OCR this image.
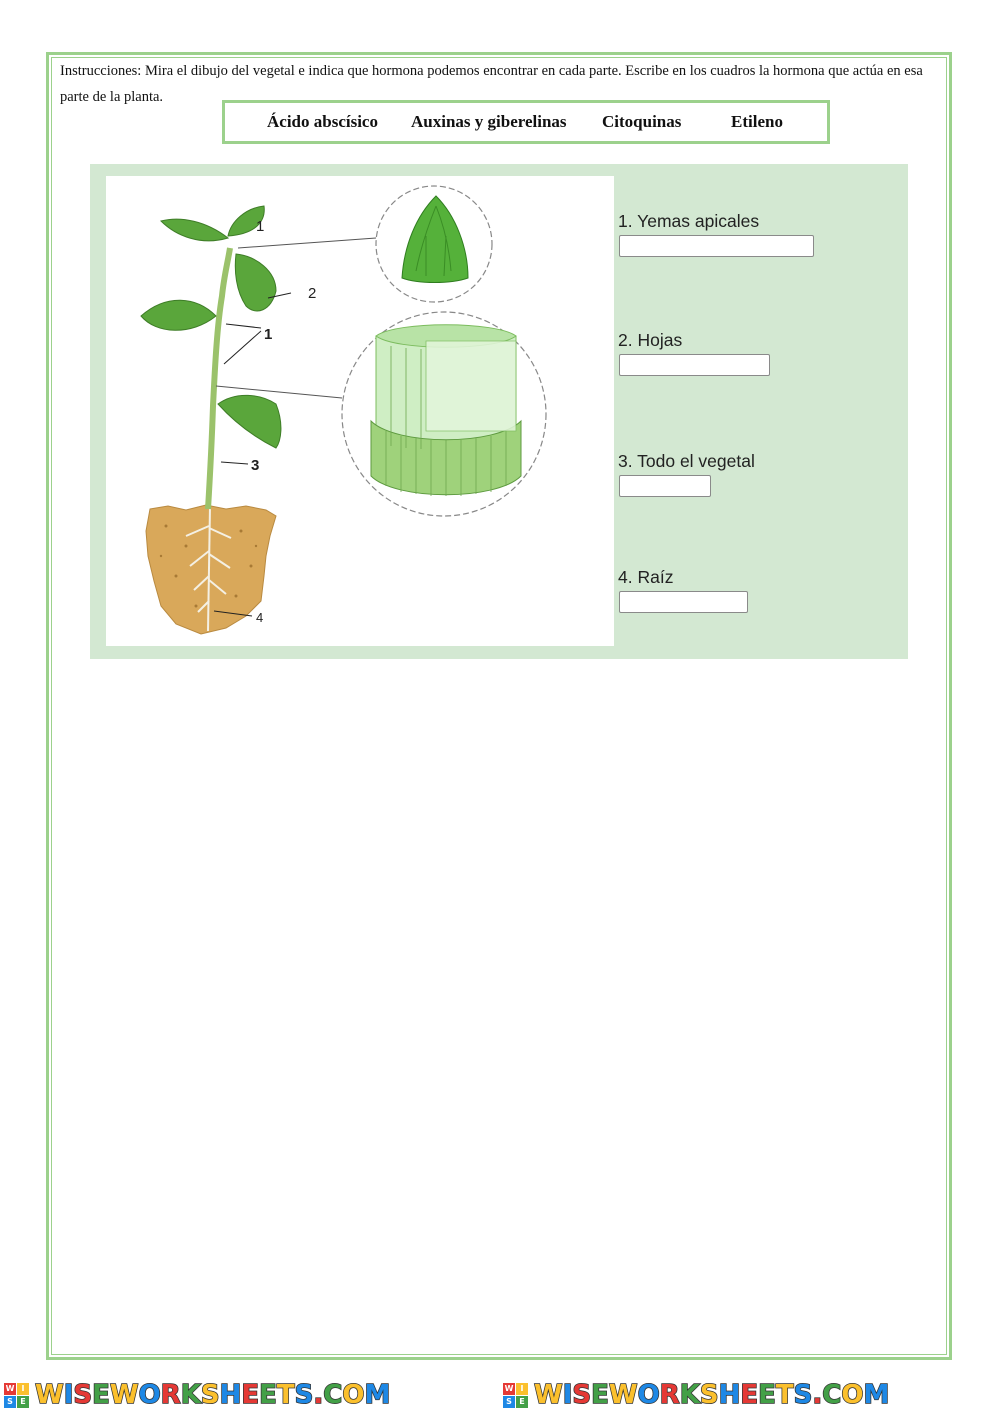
Instrucciones: Mira el dibujo del vegetal e indica que hormona podemos encontrar en cada parte. Escribe en los cuadros la hormona que actúa en esa parte de la planta.
Ácido abscísico Auxinas y giberelinas Citoquinas	Etileno
1
2
1
3
4
1. Yemas apicales
2. Hojas
3. Todo el vegetal
4. Raíz
W I
S E W I S E W O R K S H E E T S . C O M	W I
S E W I S E W O R K S H E E T S . C O M
